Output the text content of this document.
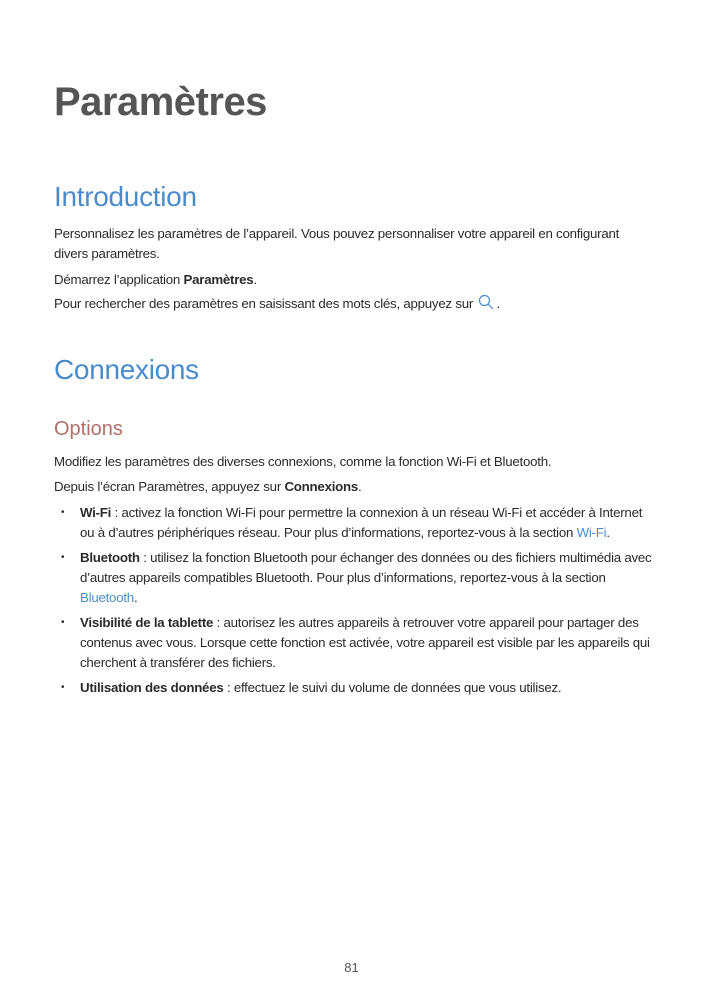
Paramètres
Introduction

Personnalisez les paramètres de l’appareil. Vous pouvez personnaliser votre appareil en configurant divers paramètres.

Démarrez l’application Paramètres.

Pour rechercher des paramètres en saisissant des mots clés, appuyez sur .

Connexions
Options

Modifiez les paramètres des diverses connexions, comme la fonction Wi-Fi et Bluetooth.

Depuis l’écran Paramètres, appuyez sur Connexions.

• Wi-Fi : activez la fonction Wi-Fi pour permettre la connexion à un réseau Wi-Fi et accéder à Internet ou à d’autres périphériques réseau. Pour plus d’informations, reportez-vous à la section Wi-Fi.
• Bluetooth : utilisez la fonction Bluetooth pour échanger des données ou des fichiers multimédia avec d’autres appareils compatibles Bluetooth. Pour plus d’informations, reportez-vous à la section Bluetooth.
• Visibilité de la tablette : autorisez les autres appareils à retrouver votre appareil pour partager des contenus avec vous. Lorsque cette fonction est activée, votre appareil est visible par les appareils qui cherchent à transférer des fichiers.
• Utilisation des données : effectuez le suivi du volume de données que vous utilisez.
81
